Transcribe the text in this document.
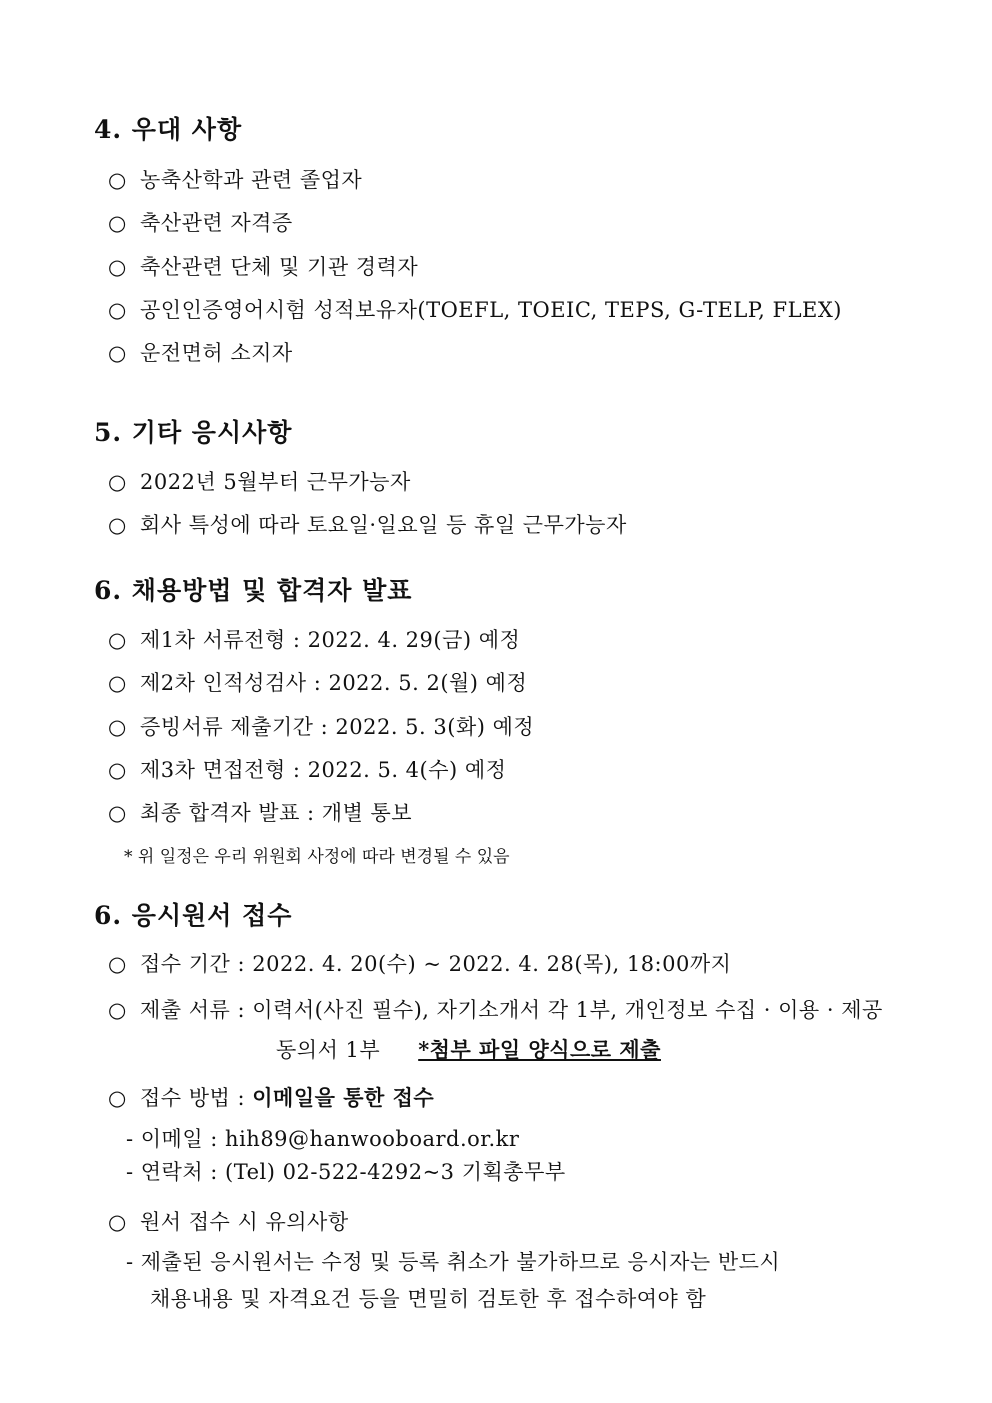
4. 우대 사항
○ 농축산학과 관련 졸업자
○ 축산관련 자격증
○ 축산관련 단체 및 기관 경력자
○ 공인인증영어시험 성적보유자(TOEFL, TOEIC, TEPS, G-TELP, FLEX)
○ 운전면허 소지자
5. 기타 응시사항
○ 2022년 5월부터 근무가능자
○ 회사 특성에 따라 토요일·일요일 등 휴일 근무가능자
6. 채용방법 및 합격자 발표
○ 제1차 서류전형 : 2022. 4. 29(금) 예정
○ 제2차 인적성검사 : 2022. 5. 2(월) 예정
○ 증빙서류 제출기간 : 2022. 5. 3(화) 예정
○ 제3차 면접전형 : 2022. 5. 4(수) 예정
○ 최종 합격자 발표 : 개별 통보
* 위 일정은 우리 위원회 사정에 따라 변경될 수 있음
6. 응시원서 접수
○ 접수 기간 : 2022. 4. 20(수) ~ 2022. 4. 28(목), 18:00까지
○ 제출 서류 : 이력서(사진 필수), 자기소개서 각 1부, 개인정보 수집 · 이용 · 제공
동의서 1부 *첨부 파일 양식으로 제출
○ 접수 방법 : 이메일을 통한 접수
- 이메일 : hih89@hanwooboard.or.kr
- 연락처 : (Tel) 02-522-4292~3 기획총무부
○ 원서 접수 시 유의사항
- 제출된 응시원서는 수정 및 등록 취소가 불가하므로 응시자는 반드시
채용내용 및 자격요건 등을 면밀히 검토한 후 접수하여야 함
